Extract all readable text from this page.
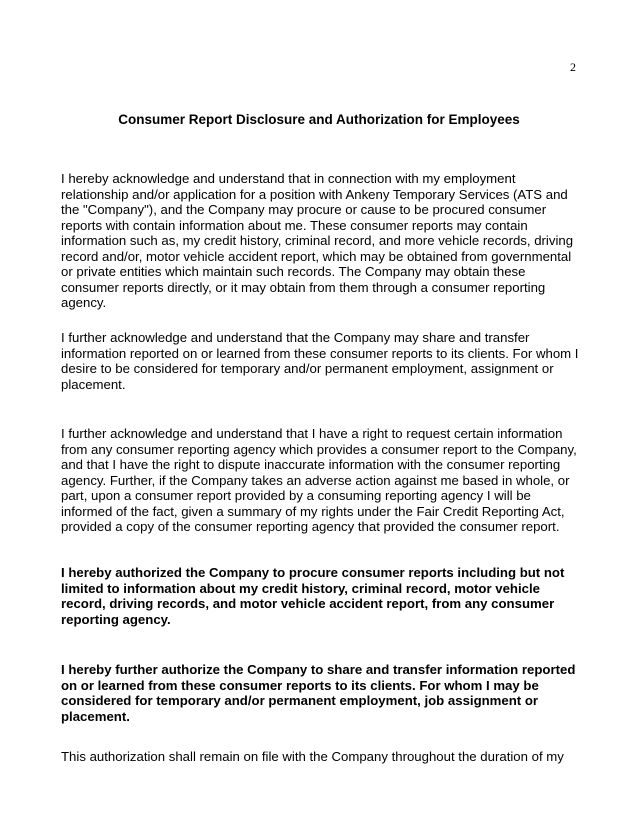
2
Consumer Report Disclosure and Authorization for Employees

I hereby acknowledge and understand that in connection with my employment relationship and/or application for a position with Ankeny Temporary Services (ATS and the "Company"), and the Company may procure or cause to be procured consumer reports with contain information about me. These consumer reports may contain information such as, my credit history, criminal record, and more vehicle records, driving record and/or, motor vehicle accident report, which may be obtained from governmental or private entities which maintain such records. The Company may obtain these consumer reports directly, or it may obtain from them through a consumer reporting agency.

I further acknowledge and understand that the Company may share and transfer information reported on or learned from these consumer reports to its clients. For whom I desire to be considered for temporary and/or permanent employment, assignment or placement.

I further acknowledge and understand that I have a right to request certain information from any consumer reporting agency which provides a consumer report to the Company, and that I have the right to dispute inaccurate information with the consumer reporting agency. Further, if the Company takes an adverse action against me based in whole, or part, upon a consumer report provided by a consuming reporting agency I will be informed of the fact, given a summary of my rights under the Fair Credit Reporting Act, provided a copy of the consumer reporting agency that provided the consumer report.

I hereby authorized the Company to procure consumer reports including but not limited to information about my credit history, criminal record, motor vehicle record, driving records, and motor vehicle accident report, from any consumer reporting agency.

I hereby further authorize the Company to share and transfer information reported on or learned from these consumer reports to its clients. For whom I may be considered for temporary and/or permanent employment, job assignment or placement.

This authorization shall remain on file with the Company throughout the duration of my
